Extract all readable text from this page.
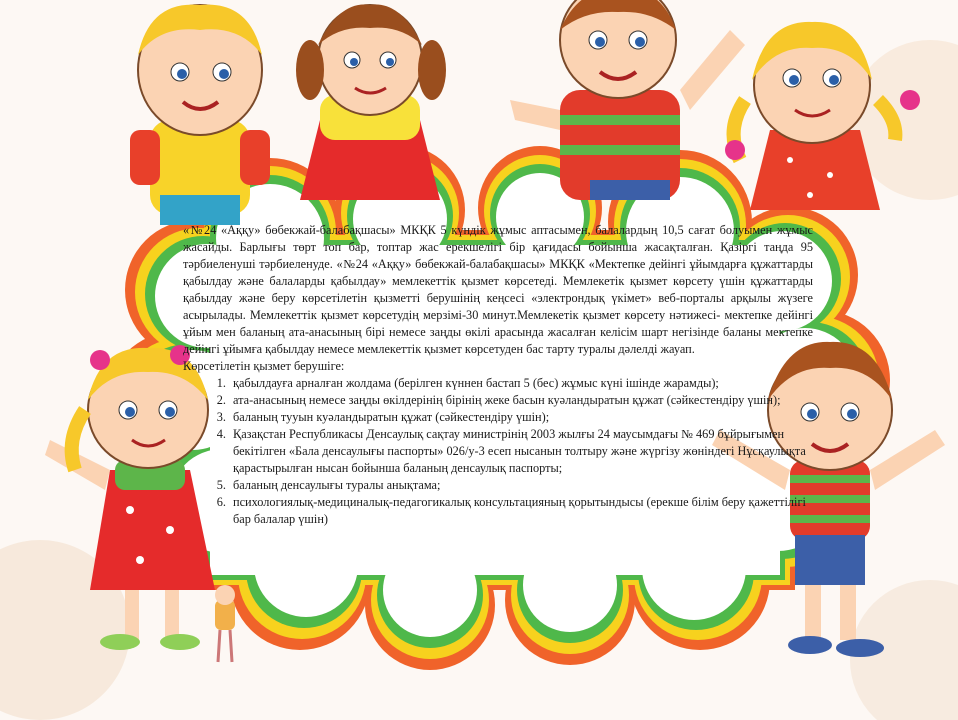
«№24 «Аққу» бөбекжай-балабақшасы» МКҚК 5 күндік жұмыс аптасымен, балалардың 10,5 сағат болуымен жұмыс жасайды. Барлығы төрт топ бар, топтар жас ерекшелігі бір қағидасы бойынша жасақталған. Қазіргі таңда 95 тәрбиеленуші тәрбиеленуде. «№24 «Аққу» бөбекжай-балабақшасы» МКҚК «Мектепке дейінгі ұйымдарға құжаттарды қабылдау және балаларды қабылдау» мемлекеттік қызмет көрсетеді. Мемлекетік қызмет көрсету үшін құжаттарды қабылдау және беру көрсетілетін қызметті берушінің кеңсесі «электрондық үкімет» веб-порталы арқылы жүзеге асырылады. Мемлекеттік қызмет көрсетудің мерзімі-30 минут.Мемлекетік қызмет көрсету нәтижесі- мектепке дейінгі ұйым мен баланың ата-анасының бірі немесе заңды өкілі арасында жасалған келісім шарт негізінде баланы мектепке дейінгі ұйымға қабылдау немесе мемлекеттік қызмет көрсетуден бас тарту туралы дәлелді жауап.

Көрсетілетін қызмет берушіге:

1. қабылдауға арналған жолдама (берілген күннен бастап 5 (бес) жұмыс күні ішінде жарамды);
2. ата-анасының немесе заңды өкілдерінің бірінің жеке басын куәландыратын құжат (сәйкестендіру үшін);
3. баланың тууын куәландыратын құжат (сәйкестендіру үшін);
4. Қазақстан Республикасы Денсаулық сақтау министрінің 2003 жылғы 24 маусымдағы № 469 бұйрығымен бекітілген «Бала денсаулығы паспорты» 026/у-3 есеп нысанын толтыру және жүргізу жөніндегі Нұсқаулықта қарастырылған нысан бойынша баланың денсаулық паспорты;
5. баланың денсаулығы туралы анықтама;
6. психологиялық-медициналық-педагогикалық консультацияның қорытындысы (ерекше білім беру қажеттілігі бар балалар үшін)
